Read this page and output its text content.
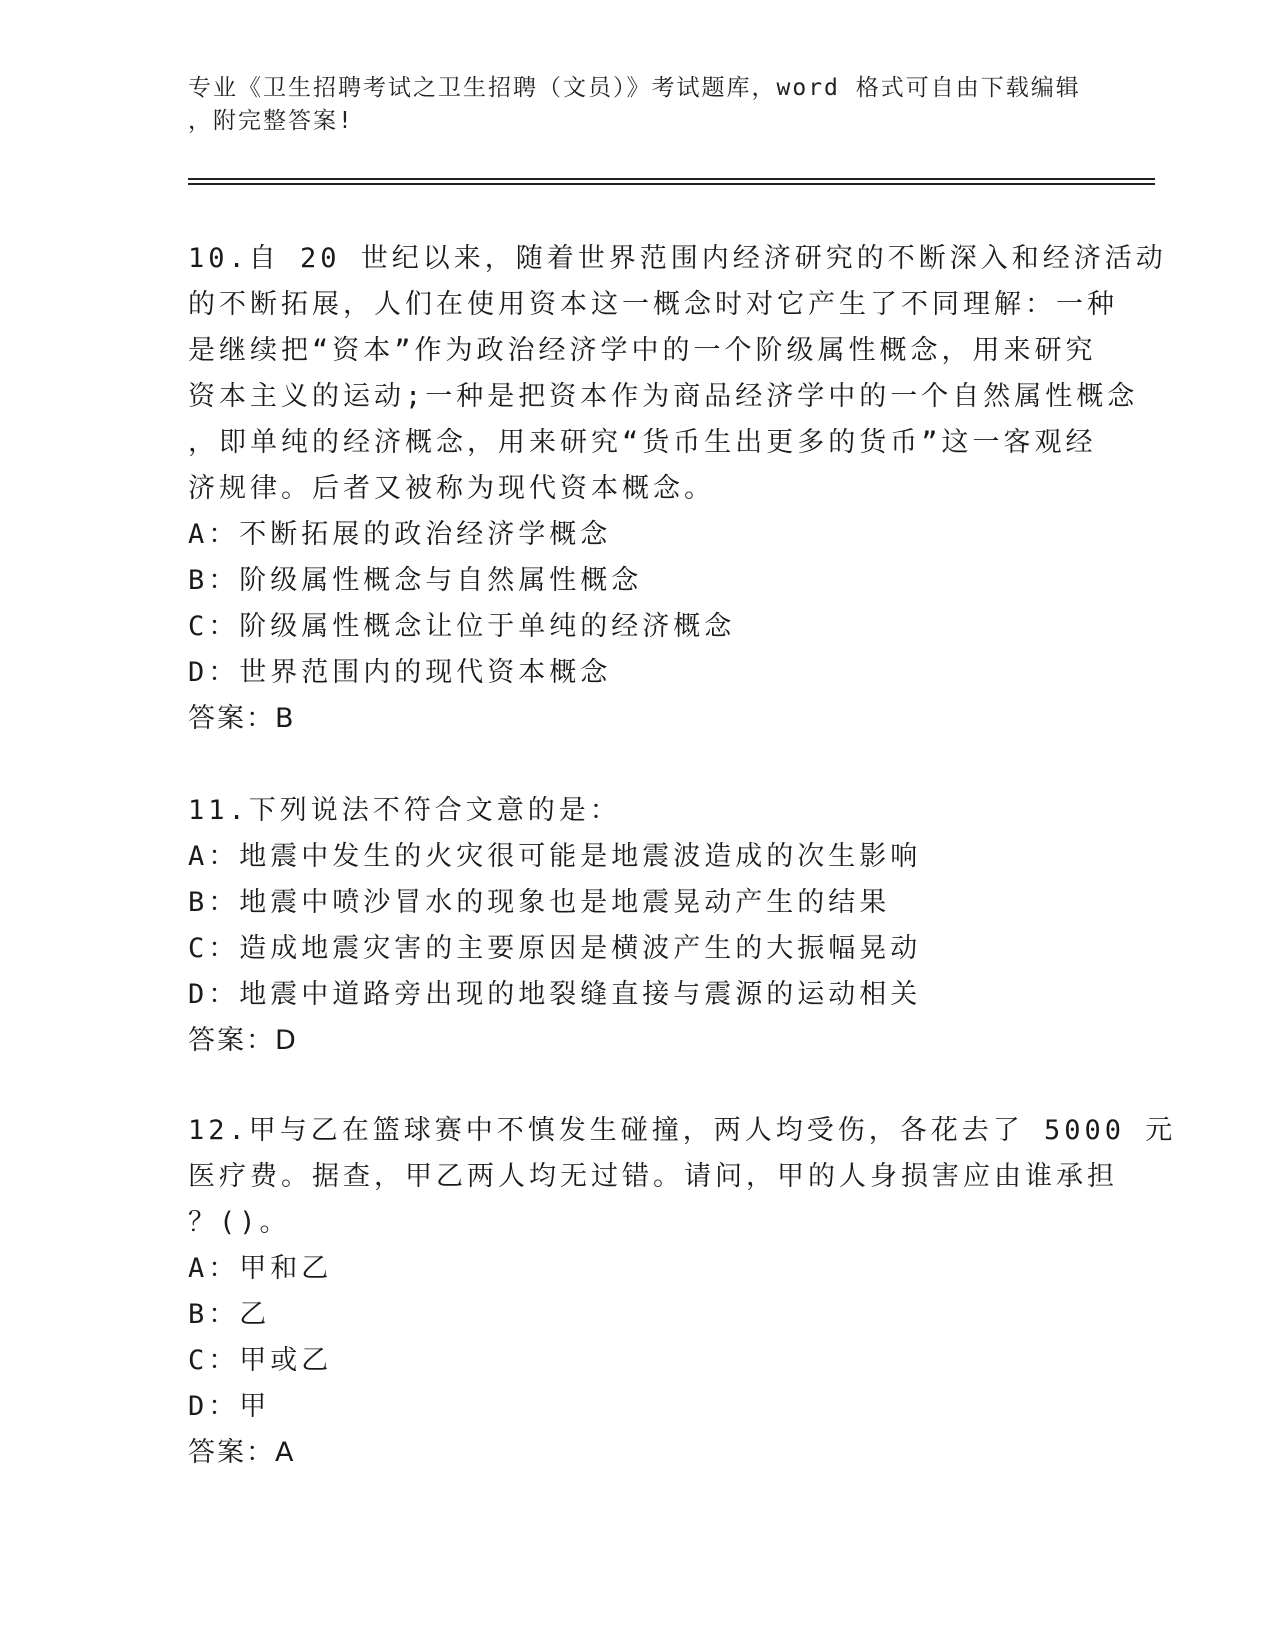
专业《卫生招聘考试之卫生招聘（文员）》考试题库，word 格式可自由下载编辑

，附完整答案!

10.自 20 世纪以来，随着世界范围内经济研究的不断深入和经济活动

的不断拓展，人们在使用资本这一概念时对它产生了不同理解：一种

是继续把“资本”作为政治经济学中的一个阶级属性概念，用来研究

资本主义的运动;一种是把资本作为商品经济学中的一个自然属性概念

，即单纯的经济概念，用来研究“货币生出更多的货币”这一客观经

济规律。后者又被称为现代资本概念。

A：不断拓展的政治经济学概念

B：阶级属性概念与自然属性概念

C：阶级属性概念让位于单纯的经济概念

D：世界范围内的现代资本概念

答案：B

11.下列说法不符合文意的是：

A：地震中发生的火灾很可能是地震波造成的次生影响

B：地震中喷沙冒水的现象也是地震晃动产生的结果

C：造成地震灾害的主要原因是横波产生的大振幅晃动

D：地震中道路旁出现的地裂缝直接与震源的运动相关

答案：D

12.甲与乙在篮球赛中不慎发生碰撞，两人均受伤，各花去了 5000 元

医疗费。据查，甲乙两人均无过错。请问，甲的人身损害应由谁承担

？()。

A：甲和乙

B：乙

C：甲或乙

D：甲

答案：A
